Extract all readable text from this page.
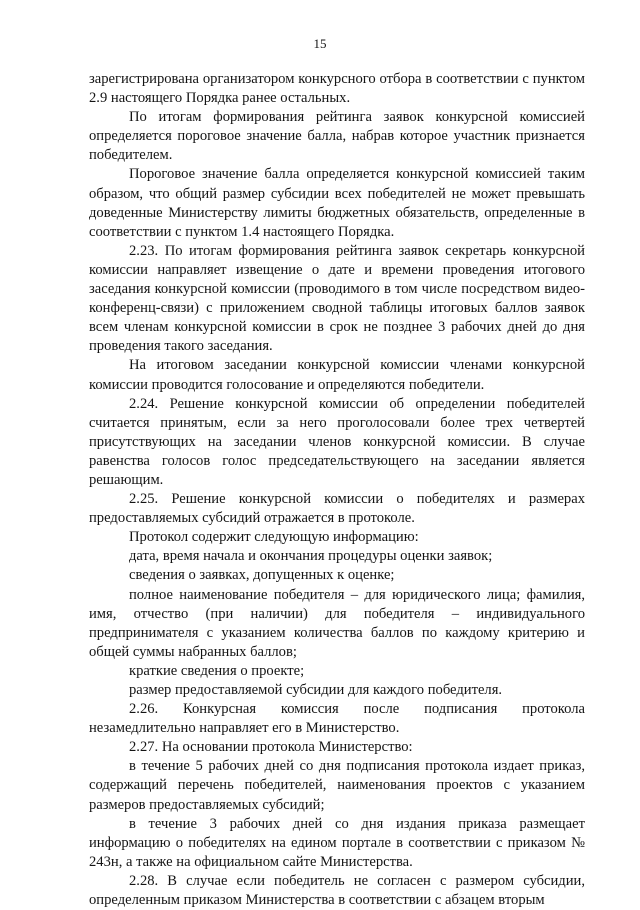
15

зарегистрирована организатором конкурсного отбора в соответствии с пунктом 2.9 настоящего Порядка ранее остальных.

По итогам формирования рейтинга заявок конкурсной комиссией определяется пороговое значение балла, набрав которое участник признается победителем.

Пороговое значение балла определяется конкурсной комиссией таким образом, что общий размер субсидии всех победителей не может превышать доведенные Министерству лимиты бюджетных обязательств, определенные в соответствии с пунктом 1.4 настоящего Порядка.

2.23. По итогам формирования рейтинга заявок секретарь конкурсной комиссии направляет извещение о дате и времени проведения итогового заседания конкурсной комиссии (проводимого в том числе посредством видео-конференц-связи) с приложением сводной таблицы итоговых баллов заявок всем членам конкурсной комиссии в срок не позднее 3 рабочих дней до дня проведения такого заседания.

На итоговом заседании конкурсной комиссии членами конкурсной комиссии проводится голосование и определяются победители.

2.24. Решение конкурсной комиссии об определении победителей считается принятым, если за него проголосовали более трех четвертей присутствующих на заседании членов конкурсной комиссии. В случае равенства голосов голос председательствующего на заседании является решающим.

2.25. Решение конкурсной комиссии о победителях и размерах предоставляемых субсидий отражается в протоколе.

Протокол содержит следующую информацию:

дата, время начала и окончания процедуры оценки заявок;

сведения о заявках, допущенных к оценке;

полное наименование победителя – для юридического лица; фамилия, имя, отчество (при наличии) для победителя – индивидуального предпринимателя с указанием количества баллов по каждому критерию и общей суммы набранных баллов;

краткие сведения о проекте;

размер предоставляемой субсидии для каждого победителя.

2.26. Конкурсная комиссия после подписания протокола незамедлительно направляет его в Министерство.

2.27. На основании протокола Министерство:

в течение 5 рабочих дней со дня подписания протокола издает приказ, содержащий перечень победителей, наименования проектов с указанием размеров предоставляемых субсидий;

в течение 3 рабочих дней со дня издания приказа размещает информацию о победителях на едином портале в соответствии с приказом № 243н, а также на официальном сайте Министерства.

2.28. В случае если победитель не согласен с размером субсидии, определенным приказом Министерства в соответствии с абзацем вторым
